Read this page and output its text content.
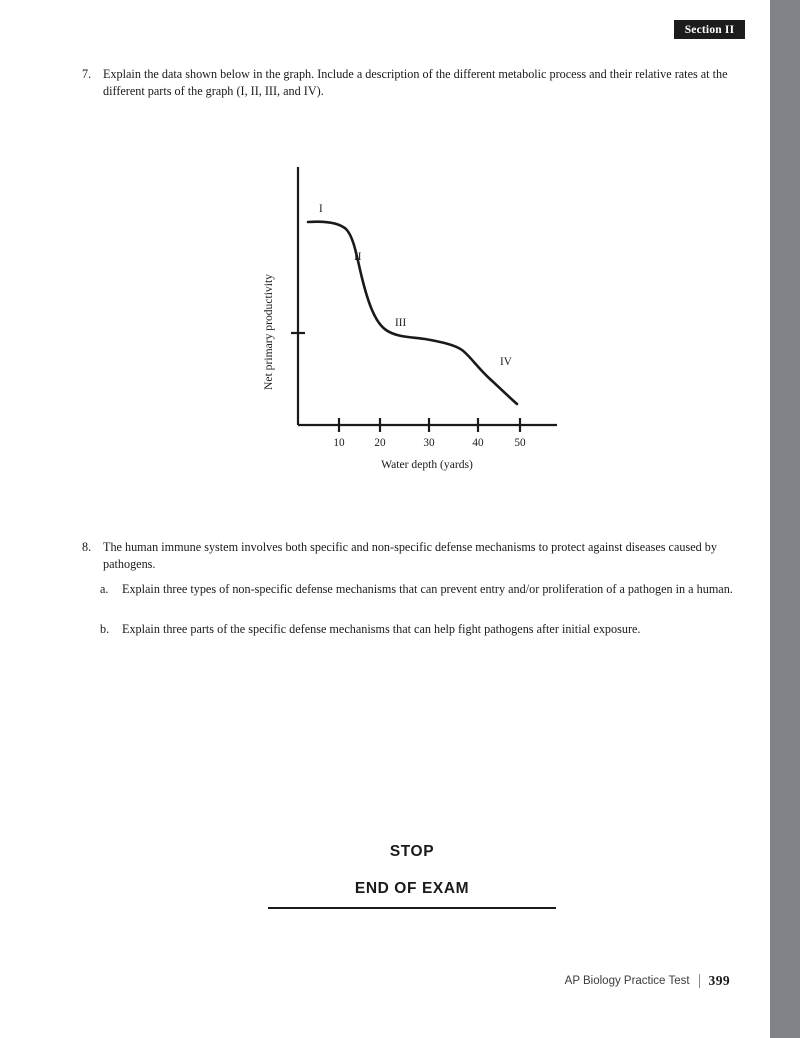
Section II
7. Explain the data shown below in the graph. Include a description of the different metabolic process and their relative rates at the different parts of the graph (I, II, III, and IV).
10	20	30	40	50
Water depth (yards)
Net primary productivity
I
II
III
IV
8. The human immune system involves both specific and non-specific defense mechanisms to protect against diseases caused by pathogens.
a.	Explain three types of non-specific defense mechanisms that can prevent entry and/or proliferation of a pathogen in a human.
b.	Explain three parts of the specific defense mechanisms that can help fight pathogens after initial exposure.
STOP
END OF EXAM
AP Biology Practice Test 399
